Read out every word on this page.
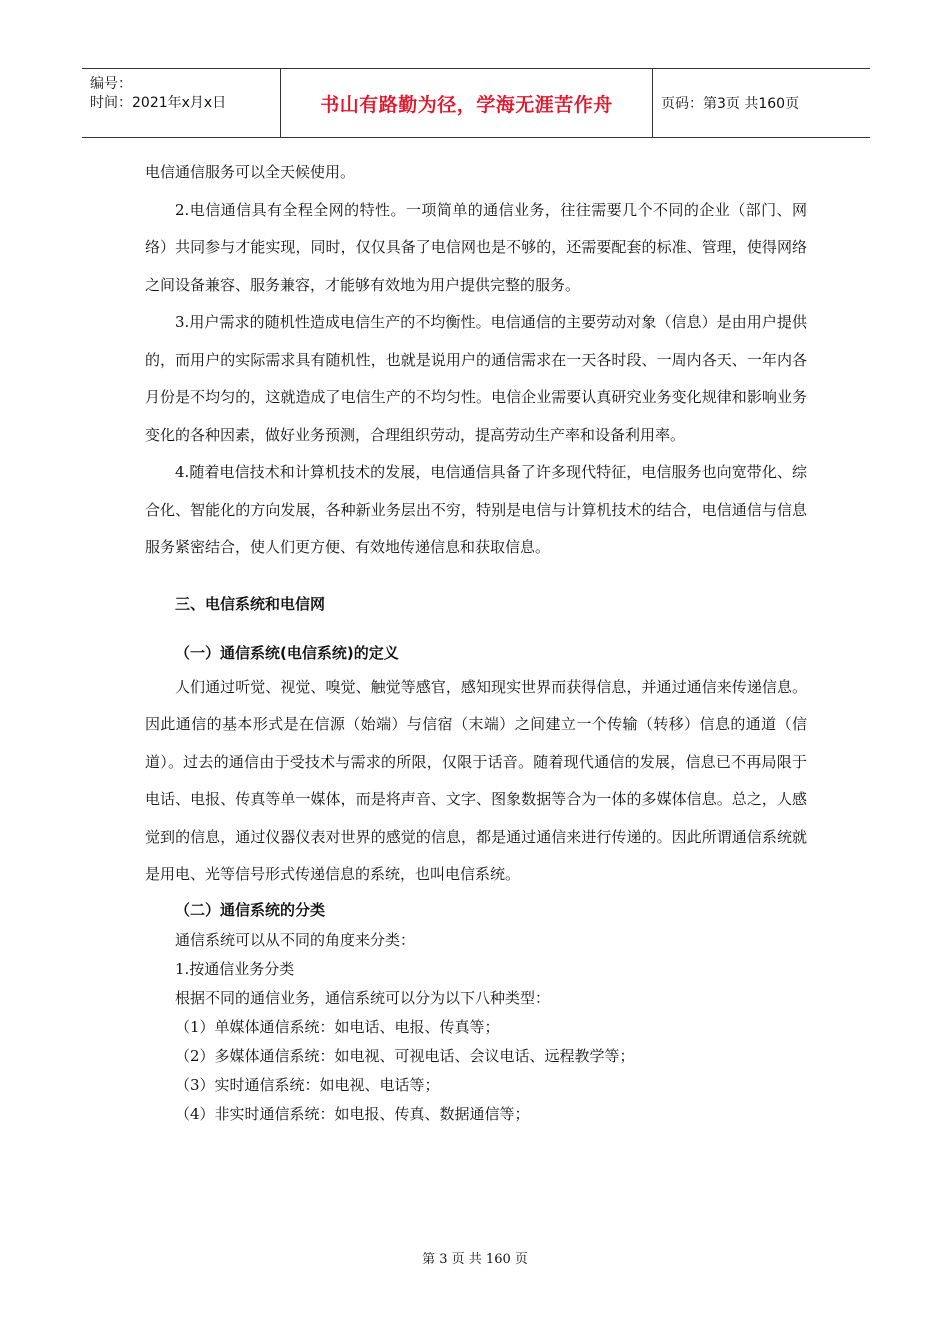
编号：
时间：2021年x月x日	书山有路勤为径，学海无涯苦作舟	页码：第3页 共160页

电信通信服务可以全天候使用。

2.电信通信具有全程全网的特性。一项简单的通信业务，往往需要几个不同的企业（部门、网络）共同参与才能实现，同时，仅仅具备了电信网也是不够的，还需要配套的标准、管理，使得网络之间设备兼容、服务兼容，才能够有效地为用户提供完整的服务。

3.用户需求的随机性造成电信生产的不均衡性。电信通信的主要劳动对象（信息）是由用户提供的，而用户的实际需求具有随机性，也就是说用户的通信需求在一天各时段、一周内各天、一年内各月份是不均匀的，这就造成了电信生产的不均匀性。电信企业需要认真研究业务变化规律和影响业务变化的各种因素，做好业务预测，合理组织劳动，提高劳动生产率和设备利用率。

4.随着电信技术和计算机技术的发展，电信通信具备了许多现代特征，电信服务也向宽带化、综合化、智能化的方向发展，各种新业务层出不穷，特别是电信与计算机技术的结合，电信通信与信息服务紧密结合，使人们更方便、有效地传递信息和获取信息。

三、电信系统和电信网

（一）通信系统(电信系统)的定义

人们通过听觉、视觉、嗅觉、触觉等感官，感知现实世界而获得信息，并通过通信来传递信息。因此通信的基本形式是在信源（始端）与信宿（末端）之间建立一个传输（转移）信息的通道（信道）。过去的通信由于受技术与需求的所限，仅限于话音。随着现代通信的发展，信息已不再局限于电话、电报、传真等单一媒体，而是将声音、文字、图象数据等合为一体的多媒体信息。总之，人感觉到的信息，通过仪器仪表对世界的感觉的信息，都是通过通信来进行传递的。因此所谓通信系统就是用电、光等信号形式传递信息的系统，也叫电信系统。

（二）通信系统的分类

通信系统可以从不同的角度来分类：

1.按通信业务分类

根据不同的通信业务，通信系统可以分为以下八种类型：

（1）单媒体通信系统：如电话、电报、传真等；

（2）多媒体通信系统：如电视、可视电话、会议电话、远程教学等；

（3）实时通信系统：如电视、电话等；

（4）非实时通信系统：如电报、传真、数据通信等；

第 3 页 共 160 页
